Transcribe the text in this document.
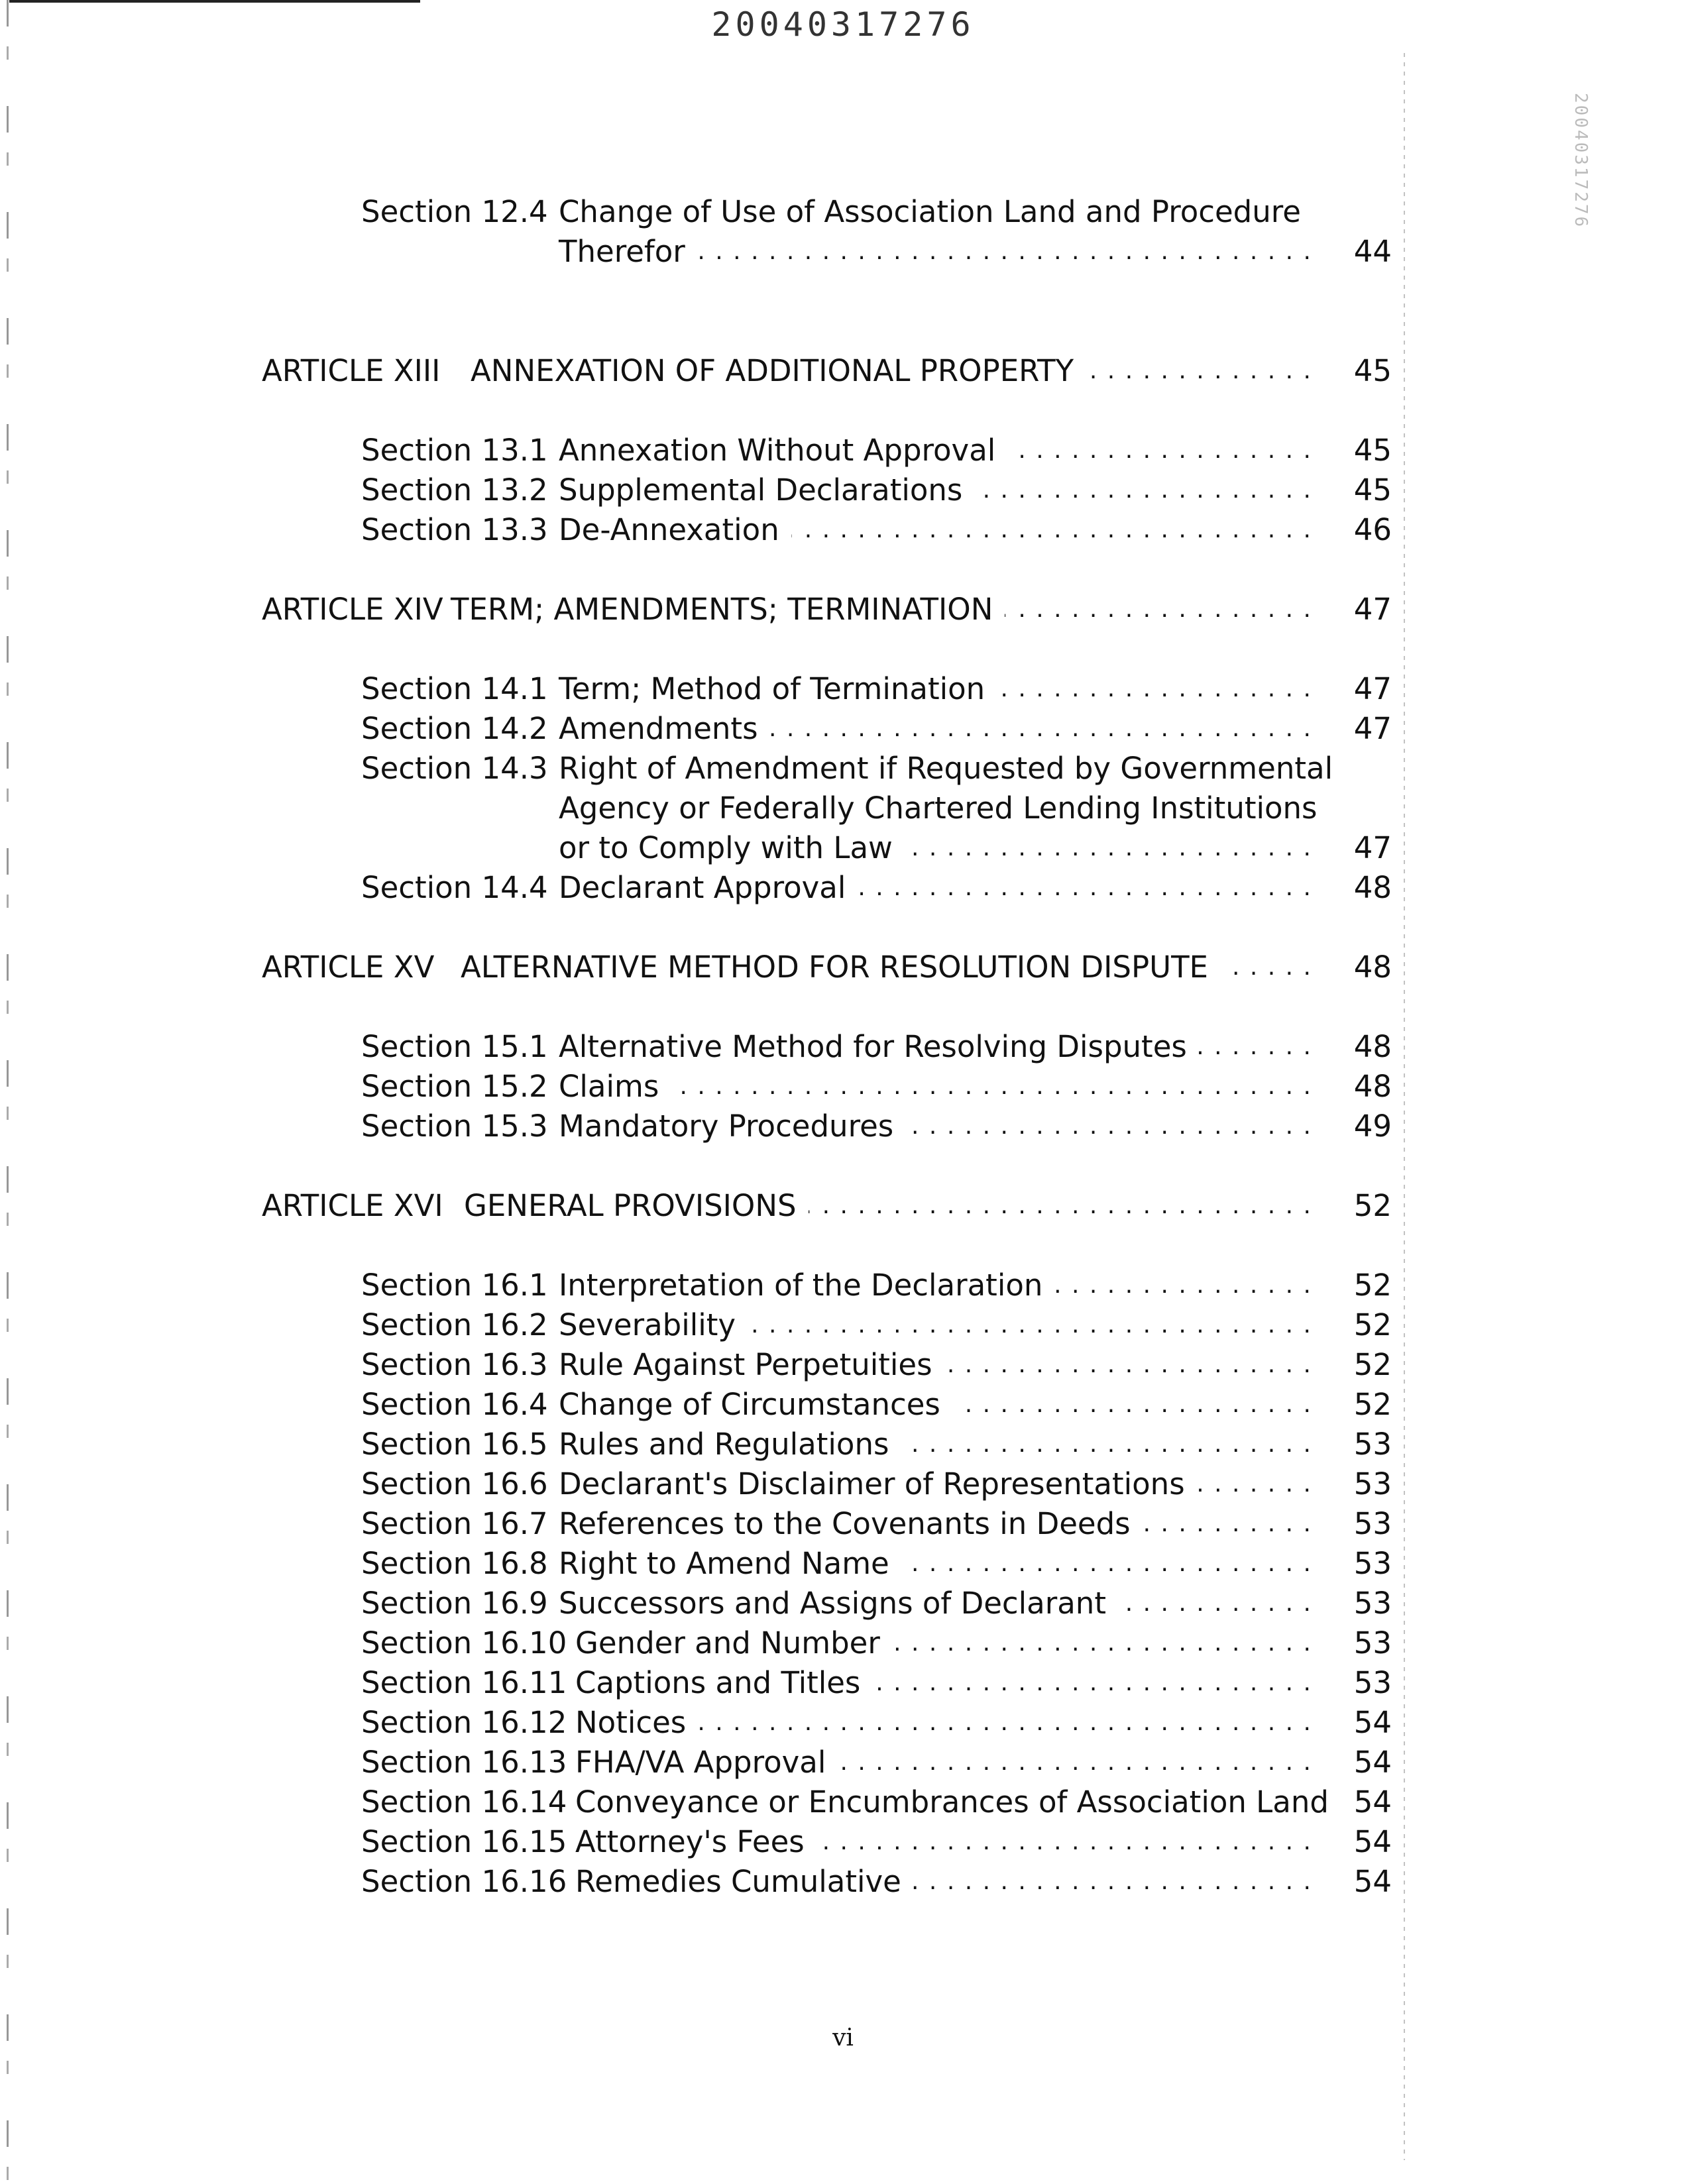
20040317276
20040317276
Section 12.4 Change of Use of Association Land and Procedure
Therefor	44
. . .
ARTICLE XIII ANNEXATION OF ADDITIONAL PROPERTY	45
. . .
Section 13.1 Annexation Without Approval	45
. . .
Section 13.2 Supplemental Declarations	45
. . .
Section 13.3 De-Annexation	46
. . .
ARTICLE XIV TERM; AMENDMENTS; TERMINATION	47
. . .
Section 14.1 Term; Method of Termination	47
. . .
Section 14.2 Amendments	47
. . .
Section 14.3 Right of Amendment if Requested by Governmental
Agency or Federally Chartered Lending Institutions
or to Comply with Law	47
. . .
Section 14.4 Declarant Approval	48
. . .
ARTICLE XV ALTERNATIVE METHOD FOR RESOLUTION DISPUTE	48
. . .
Section 15.1 Alternative Method for Resolving Disputes	48
. . .
Section 15.2 Claims	48
. . .
Section 15.3 Mandatory Procedures	49
. . .
ARTICLE XVI GENERAL PROVISIONS	52
. . .
Section 16.1 Interpretation of the Declaration	52
. . .
Section 16.2 Severability	52
. . .
Section 16.3 Rule Against Perpetuities	52
. . .
Section 16.4 Change of Circumstances	52
. . .
Section 16.5 Rules and Regulations	53
. . .
Section 16.6 Declarant's Disclaimer of Representations	53
. . .
Section 16.7 References to the Covenants in Deeds	53
. . .
Section 16.8 Right to Amend Name	53
. . .
Section 16.9 Successors and Assigns of Declarant	53
. . .
Section 16.10 Gender and Number	53
. . .
Section 16.11 Captions and Titles	53
. . .
Section 16.12 Notices	54
. . .
Section 16.13 FHA/VA Approval	54
. . .
Section 16.14 Conveyance or Encumbrances of Association Land 54
Section 16.15 Attorney's Fees	54
. . .
Section 16.16 Remedies Cumulative	54
. . .
vi
